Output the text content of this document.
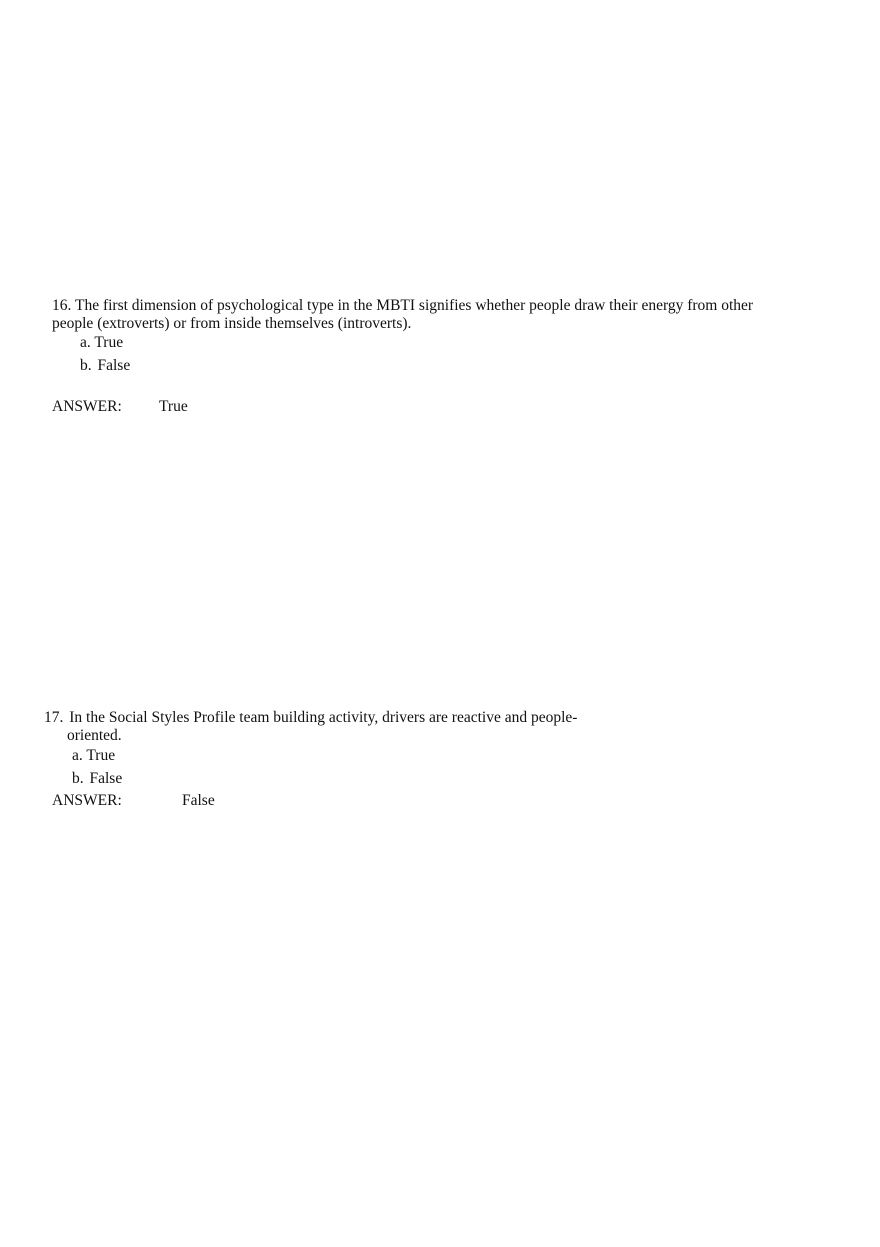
16. The first dimension of psychological type in the MBTI signifies whether people draw their energy from other
people (extroverts) or from inside themselves (introverts).
a. True
b. False
ANSWER: True
17. In the Social Styles Profile team building activity, drivers are reactive and people-
oriented.
a. True
b. False
ANSWER:	False
